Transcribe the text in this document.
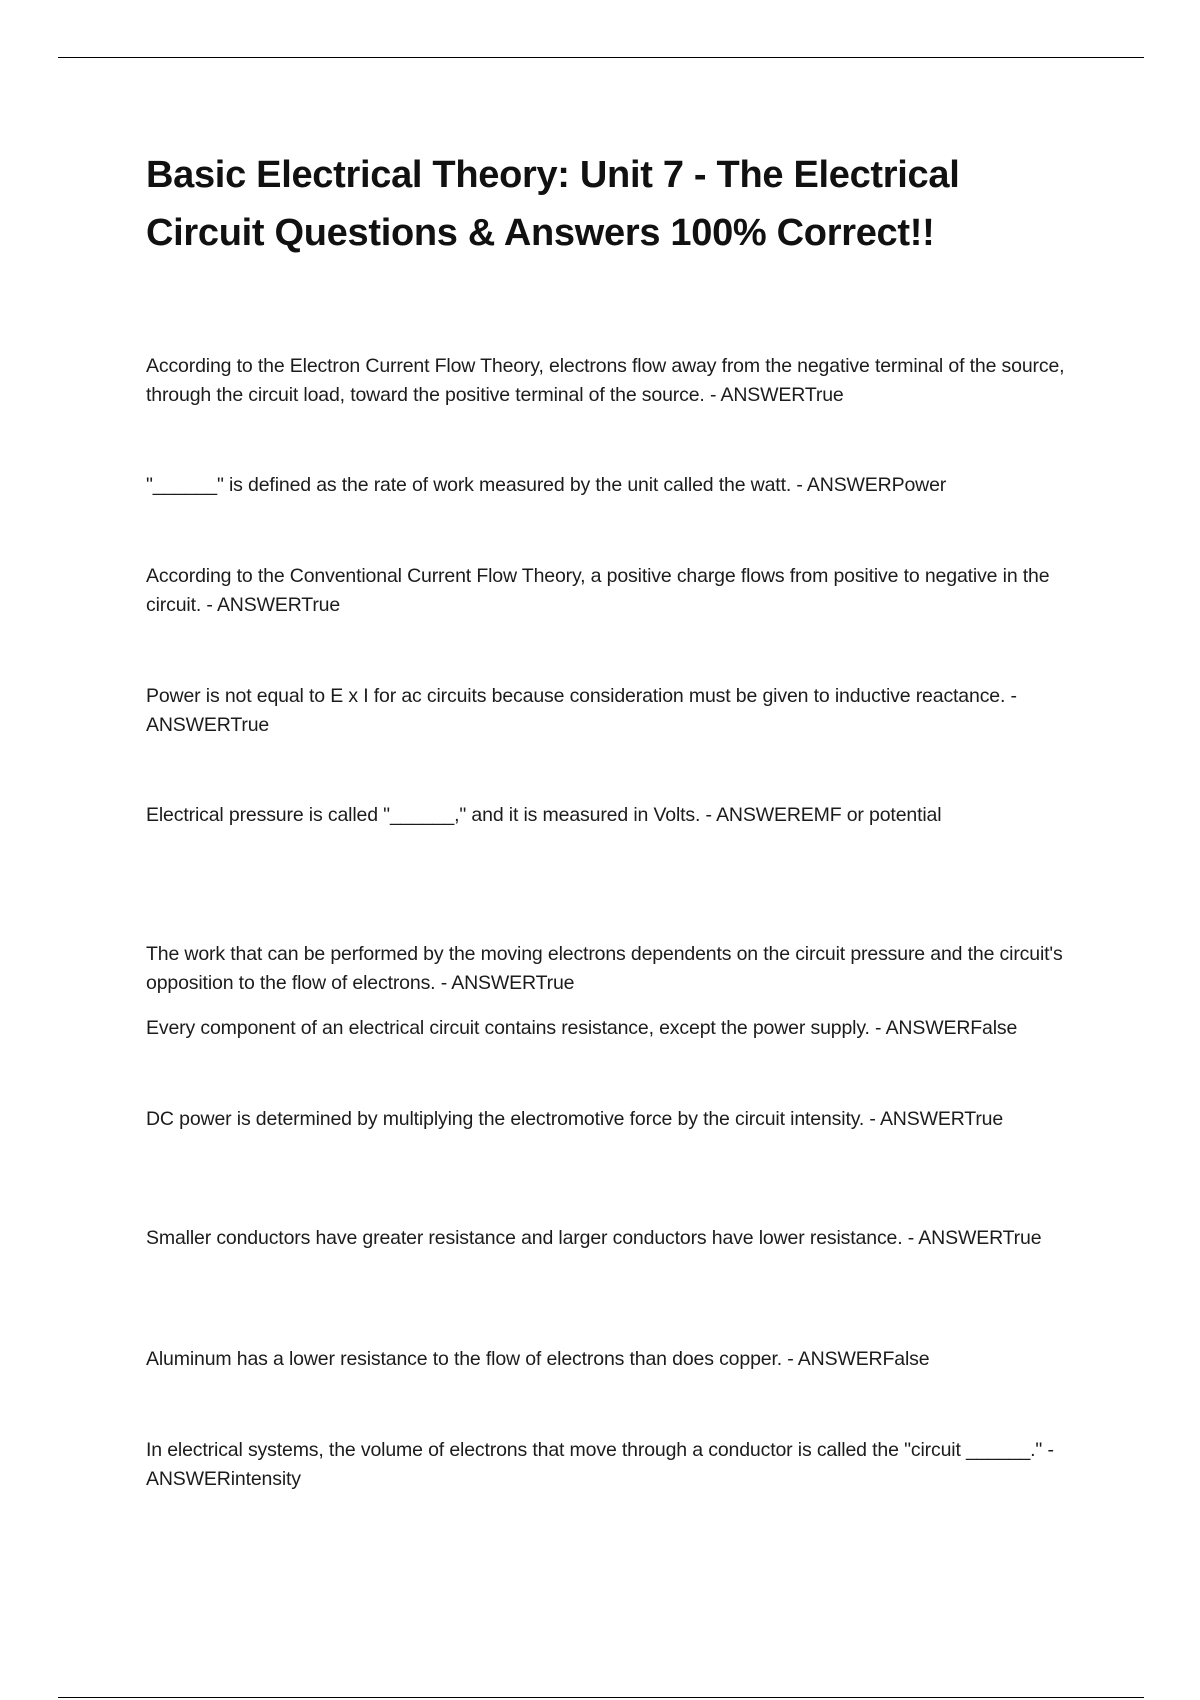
Basic Electrical Theory: Unit 7 - The Electrical Circuit Questions & Answers 100% Correct!!

According to the Electron Current Flow Theory, electrons flow away from the negative terminal of the source, through the circuit load, toward the positive terminal of the source. - ANSWERTrue

"______" is defined as the rate of work measured by the unit called the watt. - ANSWERPower

According to the Conventional Current Flow Theory, a positive charge flows from positive to negative in the circuit. - ANSWERTrue

Power is not equal to E x I for ac circuits because consideration must be given to inductive reactance. - ANSWERTrue

Electrical pressure is called "______," and it is measured in Volts. - ANSWEREMF or potential

The work that can be performed by the moving electrons dependents on the circuit pressure and the circuit's opposition to the flow of electrons. - ANSWERTrue

Every component of an electrical circuit contains resistance, except the power supply. - ANSWERFalse

DC power is determined by multiplying the electromotive force by the circuit intensity. - ANSWERTrue

Smaller conductors have greater resistance and larger conductors have lower resistance. - ANSWERTrue

Aluminum has a lower resistance to the flow of electrons than does copper. - ANSWERFalse

In electrical systems, the volume of electrons that move through a conductor is called the "circuit ______." - ANSWERintensity
